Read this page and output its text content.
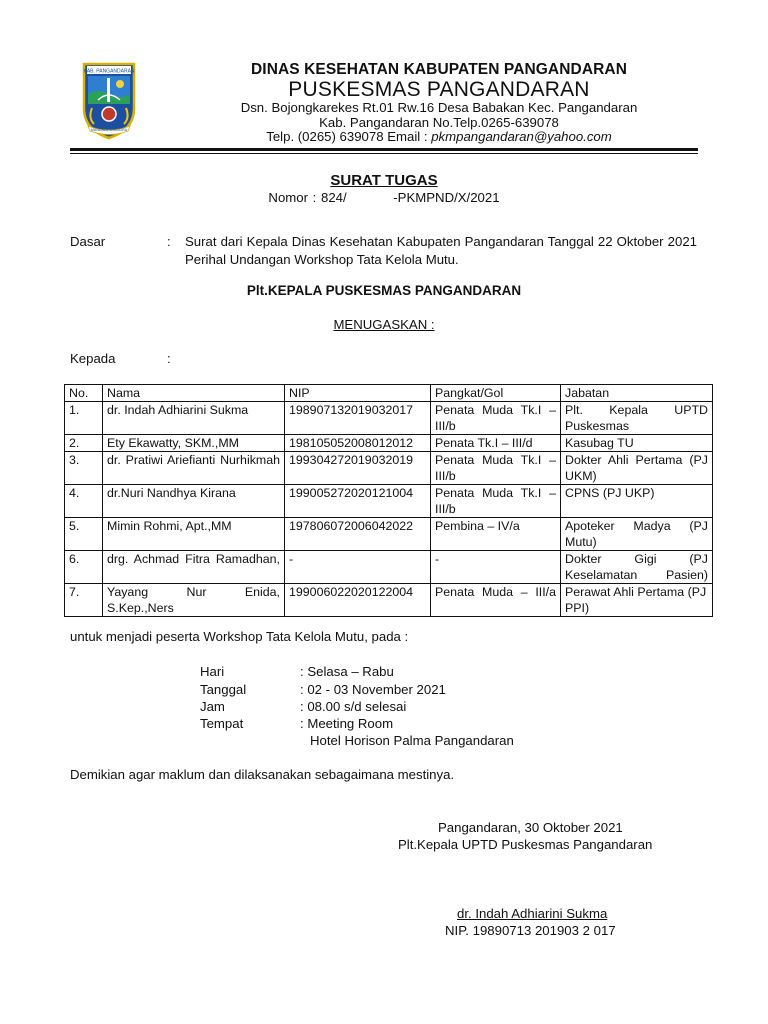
KAB. PANGANDARAN
MANDALA SAMUDRA
DINAS KESEHATAN KABUPATEN PANGANDARAN
PUSKESMAS PANGANDARAN
Dsn. Bojongkarekes Rt.01 Rw.16 Desa Babakan Kec. Pangandaran
Kab. Pangandaran No.Telp.0265-639078
Telp. (0265) 639078 Email : pkmpangandaran@yahoo.com
SURAT TUGAS
Nomor : 824/          -PKMPND/X/2021
Dasar	: Surat dari Kepala Dinas Kesehatan Kabupaten Pangandaran Tanggal 22 Oktober 2021 Perihal Undangan Workshop Tata Kelola Mutu.
Plt.KEPALA PUSKESMAS PANGANDARAN
MENUGASKAN :
Kepada	:
No.	Nama	NIP	Pangkat/Gol	Jabatan
1.	dr. Indah Adhiarini Sukma	198907132019032017	Penata Muda Tk.I – III/b	Plt. Kepala UPTD Puskesmas
2.	Ety Ekawatty, SKM.,MM	198105052008012012	Penata Tk.I – III/d	Kasubag TU
3.	dr. Pratiwi Ariefianti Nurhikmah	199304272019032019	Penata Muda Tk.I – III/b	Dokter Ahli Pertama (PJ UKM)
4.	dr.Nuri Nandhya Kirana	199005272020121004	Penata Muda Tk.I – III/b	CPNS (PJ UKP)
5.	Mimin Rohmi, Apt.,MM	197806072006042022	Pembina – IV/a	Apoteker Madya (PJ Mutu)
6.	drg. Achmad Fitra Ramadhan,	-	-	Dokter Gigi (PJ Keselamatan Pasien)
7.	Yayang Nur Enida, S.Kep.,Ners	199006022020122004	Penata Muda – III/a	Perawat Ahli Pertama (PJ PPI)
untuk menjadi peserta Workshop Tata Kelola Mutu, pada :
Hari	: Selasa – Rabu
Tanggal	: 02 - 03 November 2021
Jam	: 08.00 s/d selesai
Tempat	: Meeting Room
Hotel Horison Palma Pangandaran
Demikian agar maklum dan dilaksanakan sebagaimana mestinya.
Pangandaran, 30 Oktober 2021
Plt.Kepala UPTD Puskesmas Pangandaran
dr. Indah Adhiarini Sukma
NIP. 19890713 201903 2 017
